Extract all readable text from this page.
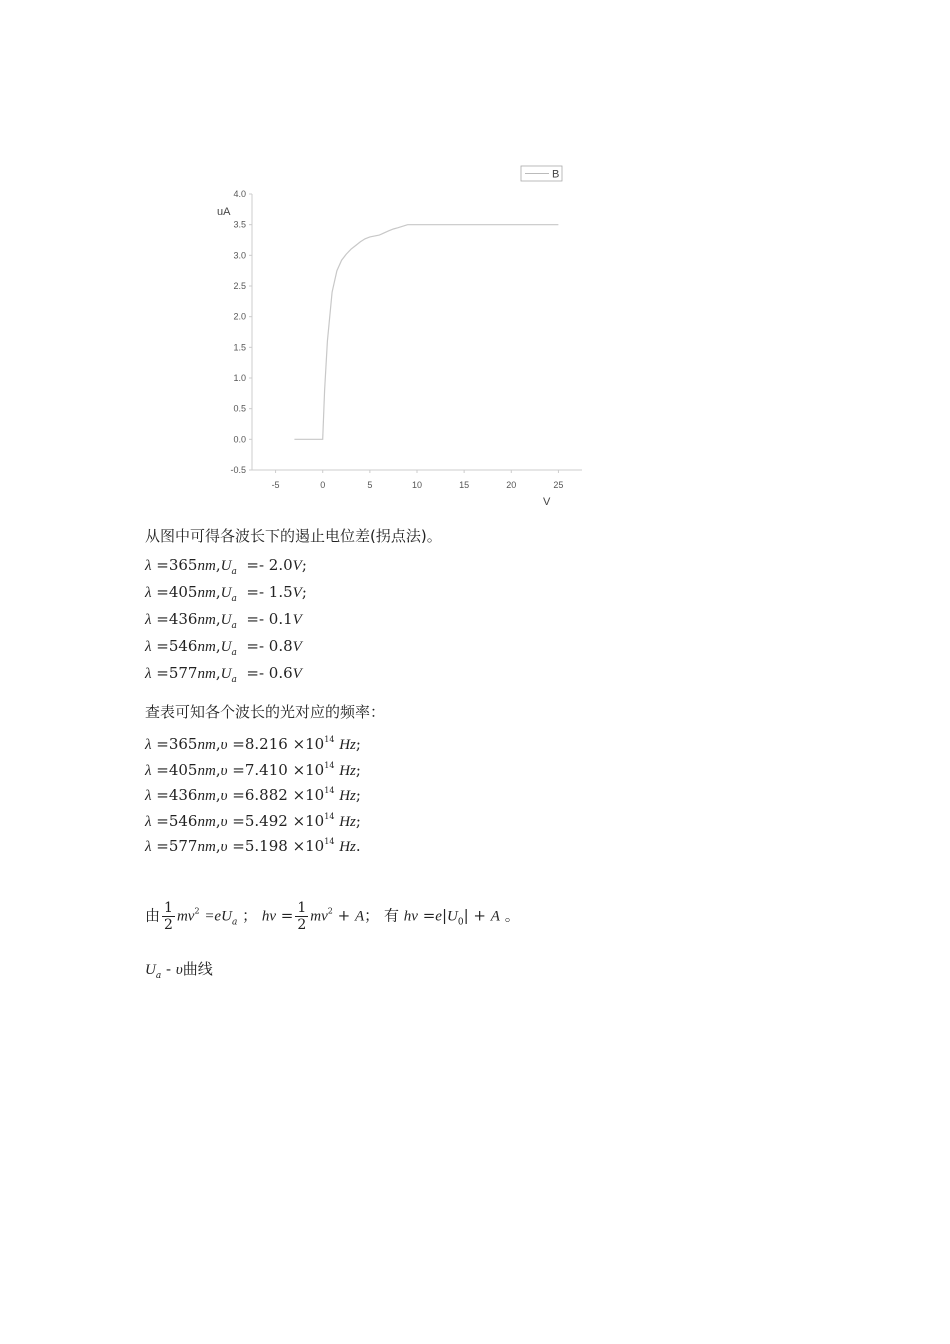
B
4.0
3.5
3.0
2.5
2.0
1.5
1.0
0.5
0.0
-0.5
-5	0	5	10	15	20	25
uA
V
从图中可得各波长下的遏止电位差(拐点法)。
$\lambda =365nm,U_a =- 2.0V$;
$\lambda =405nm,U_a =- 1.5V$;
$\lambda =436nm,U_a =- 0.1V$
$\lambda =546nm,U_a =- 0.8V$
$\lambda =577nm,U_a =- 0.6V$
查表可知各个波长的光对应的频率：
$\lambda =365nm,\upsilon =8.216 \times 10^{14}$ Hz;
$\lambda =405nm,\upsilon =7.410 \times 10^{14}$ Hz;
$\lambda =436nm,\upsilon =6.882 \times 10^{14}$ Hz;
$\lambda =546nm,\upsilon =5.492 \times 10^{14}$ Hz;
$\lambda =577nm,\upsilon =5.198 \times 10^{14}$ Hz.
由 $\frac{1}{2} mv^2 =eU_a$ ； hv = $\frac{1}{2} mv^2 + A$； 有 hv $=e|U_0| + A$ 。
$U_a$ - υ曲线
